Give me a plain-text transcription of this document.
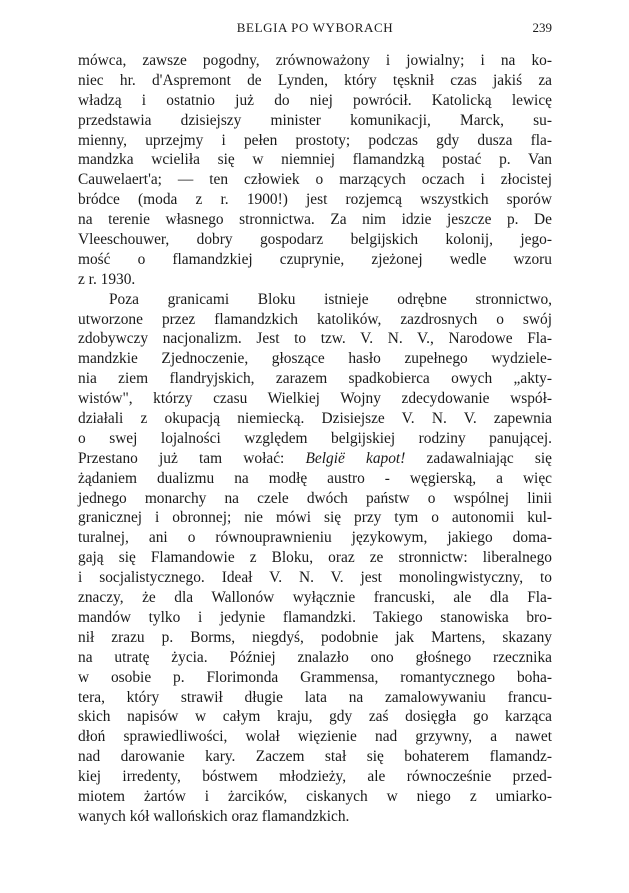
BELGIA PO WYBORACH	239
mówca, zawsze pogodny, zrównoważony i jowialny; i na ko-
niec hr. d'Aspremont de Lynden, który tęsknił czas jakiś za
władzą i ostatnio już do niej powrócił. Katolicką lewicę
przedstawia dzisiejszy minister komunikacji, Marck, su-
mienny, uprzejmy i pełen prostoty; podczas gdy dusza fla-
mandzka wcieliła się w niemniej flamandzką postać p. Van
Cauwelaert'a; — ten człowiek o marzących oczach i złocistej
bródce (moda z r. 1900!) jest rozjemcą wszystkich sporów
na terenie własnego stronnictwa. Za nim idzie jeszcze p. De
Vleeschouwer, dobry gospodarz belgijskich kolonij, jego-
mość o flamandzkiej czuprynie, zjeżonej wedle wzoru
z r. 1930.
Poza granicami Bloku istnieje odrębne stronnictwo,
utworzone przez flamandzkich katolików, zazdrosnych o swój
zdobywczy nacjonalizm. Jest to tzw. V. N. V., Narodowe Fla-
mandzkie Zjednoczenie, głoszące hasło zupełnego wydziele-
nia ziem flandryjskich, zarazem spadkobierca owych „akty-
wistów", którzy czasu Wielkiej Wojny zdecydowanie współ-
działali z okupacją niemiecką. Dzisiejsze V. N. V. zapewnia
o swej lojalności względem belgijskiej rodziny panującej.
Przestano już tam wołać: België kapot! zadawalniając się
żądaniem dualizmu na modłę austro - węgierską, a więc
jednego monarchy na czele dwóch państw o wspólnej linii
granicznej i obronnej; nie mówi się przy tym o autonomii kul-
turalnej, ani o równouprawnieniu językowym, jakiego doma-
gają się Flamandowie z Bloku, oraz ze stronnictw: liberalnego
i socjalistycznego. Ideał V. N. V. jest monolingwistyczny, to
znaczy, że dla Wallonów wyłącznie francuski, ale dla Fla-
mandów tylko i jedynie flamandzki. Takiego stanowiska bro-
nił zrazu p. Borms, niegdyś, podobnie jak Martens, skazany
na utratę życia. Później znalazło ono głośnego rzecznika
w osobie p. Florimonda Grammensa, romantycznego boha-
tera, który strawił długie lata na zamalowywaniu francu-
skich napisów w całym kraju, gdy zaś dosięgła go karząca
dłoń sprawiedliwości, wolał więzienie nad grzywny, a nawet
nad darowanie kary. Zaczem stał się bohaterem flamandz-
kiej irredenty, bóstwem młodzieży, ale równocześnie przed-
miotem żartów i żarcików, ciskanych w niego z umiarko-
wanych kół wallońskich oraz flamandzkich.
